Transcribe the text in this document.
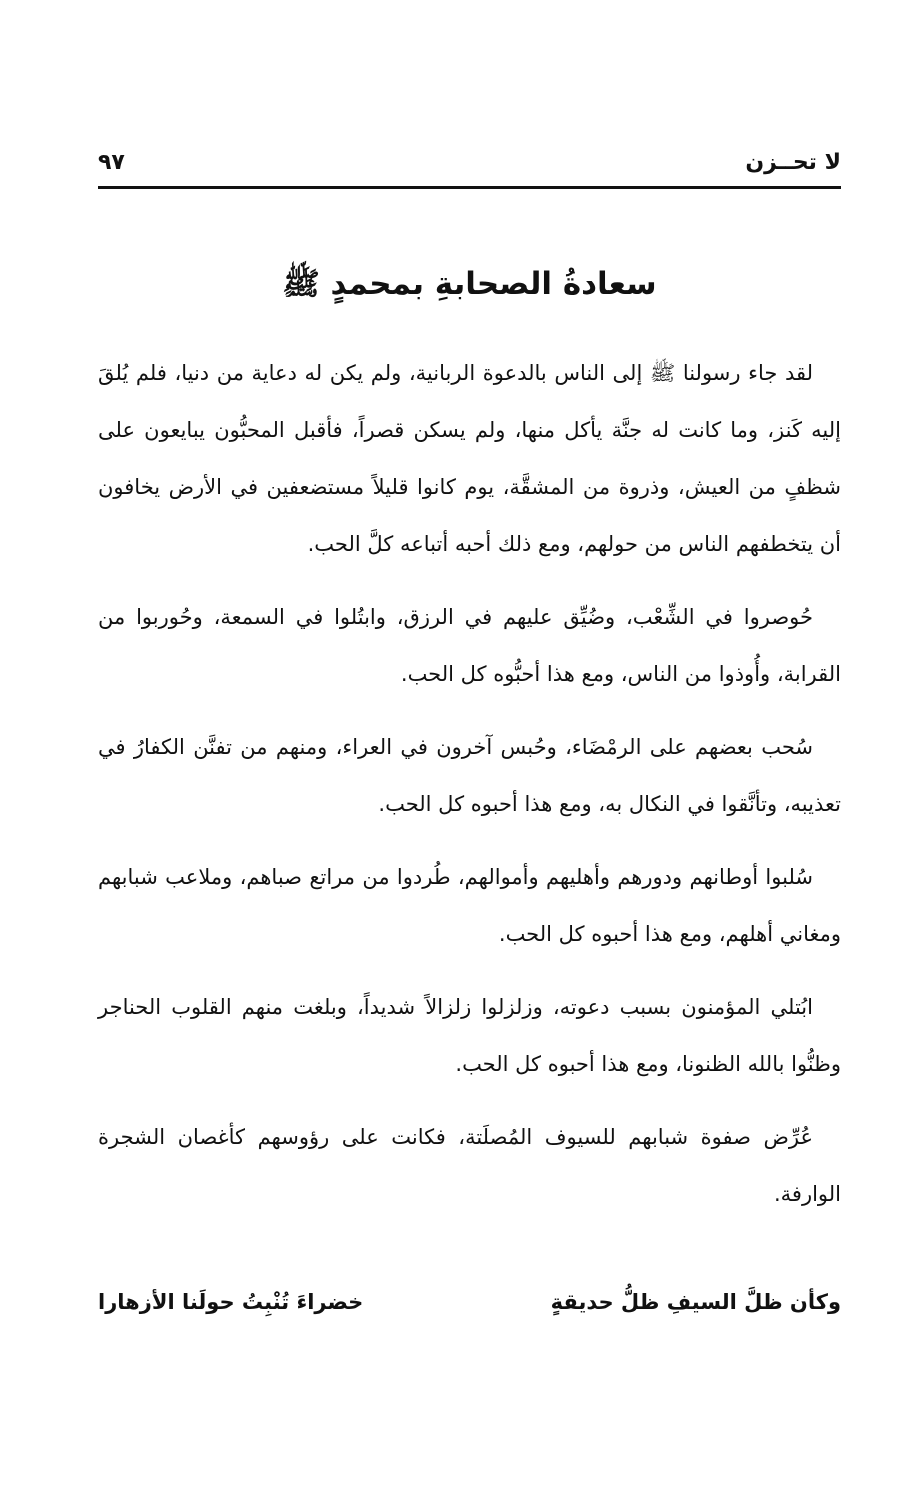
لا تحــزن
٩٧
سعادةُ الصحابةِ بمحمدٍ ﷺ

لقد جاء رسولنا ﷺ إلى الناس بالدعوة الربانية، ولم يكن له دعاية من دنيا، فلم يُلقَ إليه كَنز، وما كانت له جنَّة يأكل منها، ولم يسكن قصراً، فأقبل المحبُّون يبايعون على شظفٍ من العيش، وذروة من المشقَّة، يوم كانوا قليلاً مستضعفين في الأرض يخافون أن يتخطفهم الناس من حولهم، ومع ذلك أحبه أتباعه كلَّ الحب.

حُوصروا في الشِّعْب، وضُيِّق عليهم في الرزق، وابتُلوا في السمعة، وحُوربوا من القرابة، وأُوذوا من الناس، ومع هذا أحبُّوه كل الحب.

سُحب بعضهم على الرمْضَاء، وحُبس آخرون في العراء، ومنهم من تفنَّن الكفارُ في تعذيبه، وتأنَّقوا في النكال به، ومع هذا أحبوه كل الحب.

سُلبوا أوطانهم ودورهم وأهليهم وأموالهم، طُردوا من مراتع صباهم، وملاعب شبابهم ومغاني أهلهم، ومع هذا أحبوه كل الحب.

ابُتلي المؤمنون بسبب دعوته، وزلزلوا زلزالاً شديداً، وبلغت منهم القلوب الحناجر وظنُّوا بالله الظنونا، ومع هذا أحبوه كل الحب.

عُرِّض صفوة شبابهم للسيوف المُصلَتة، فكانت على رؤوسهم كأغصان الشجرة الوارفة.

وكأن ظلَّ السيفِ ظلُّ حديقةٍ
خضراءَ تُنْبِتُ حولَنا الأزهارا
